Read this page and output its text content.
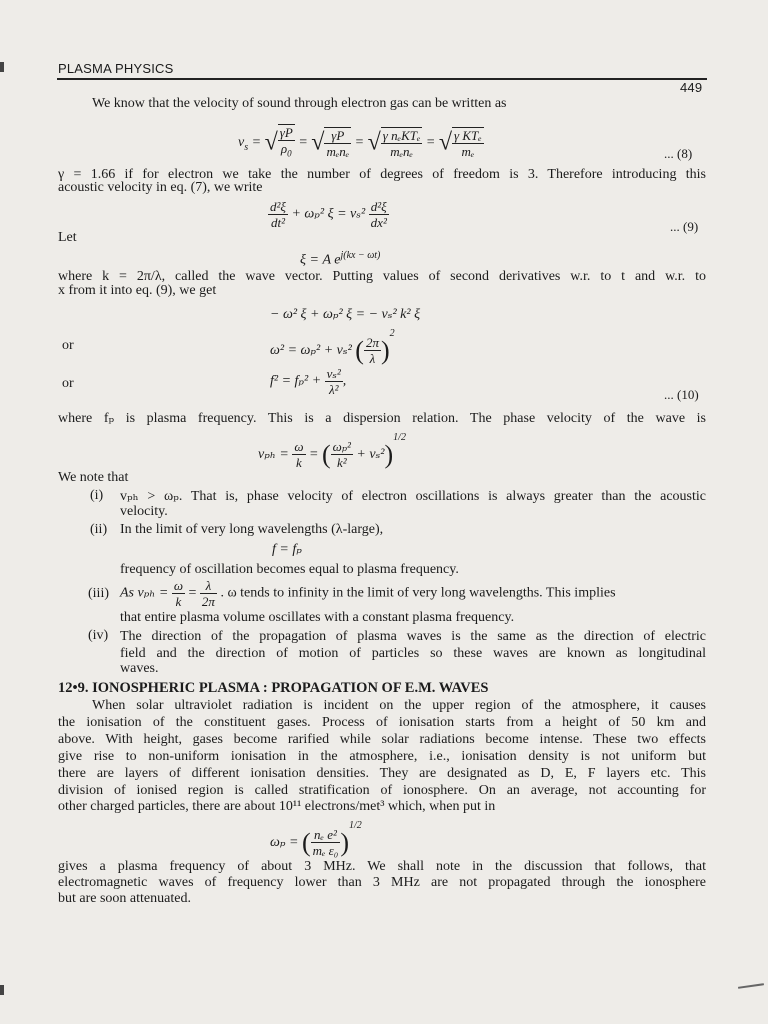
PLASMA PHYSICS
449
We know that the velocity of sound through electron gas can be written as
$v_s$ = √ $\frac{\gamma P}{\rho_0}$ = √ $\frac{\gamma P}{\text{mₑnₑ}}$ = √ $\frac{\text{γ nₑKTₑ}}{\text{mₑnₑ}}$ = √ $\frac{\text{γ KTₑ}}{\text{mₑ}}$	... (8)
γ = 1.66 if for electron we take the number of degrees of freedom is 3. Therefore introducing this
acoustic velocity in eq. (7), we write
$\frac{\text{d²ξ}}{\text{dt²}} + \omega_p^2$ $\xi = v_s^2 \frac{\text{d²ξ}}{\text{dx²}}$	... (9)
Let
ξ = A $e^{j(kx - \omega t)}$
where k = 2π/λ, called the wave vector. Putting values of second derivatives w.r. to t and w.r. to
x from it into eq. (9), we get
− ω² ξ + ωₚ² ξ = − vₛ² k² ξ
or	ω² = ωₚ² + vₛ² ( $\frac{2\pi}{\lambda} )^2$
or	$f^2 = f_p^2 + \frac{\text{vₛ²}}{\text{λ²}}$ ,
... (10)
where fₚ is plasma frequency. This is a dispersion relation. The phase velocity of the wave is
$v_{ph} = \frac{\omega}{k}$ = ( $\frac{\text{ωₚ²}}{\text{k²}} + v_s^2)^{1/2}$
We note that
(i) vₚₕ > ωₚ. That is, phase velocity of electron oscillations is always greater than the acoustic
velocity.
(ii) In the limit of very long wavelengths (λ-large),
f = fₚ
frequency of oscillation becomes equal to plasma frequency.
(iii) As $v_{ph} = \frac{\omega}{k} = \frac{\lambda}{2\pi}$ . ω tends to infinity in the limit of very long wavelengths. This implies
that entire plasma volume oscillates with a constant plasma frequency.
(iv) The direction of the propagation of plasma waves is the same as the direction of electric
field and the direction of motion of particles so these waves are known as longitudinal
waves.
12•9. IONOSPHERIC PLASMA : PROPAGATION OF E.M. WAVES
When solar ultraviolet radiation is incident on the upper region of the atmosphere, it causes
the ionisation of the constituent gases. Process of ionisation starts from a height of 50 km and
above. With height, gases become rarified while solar radiations become intense. These two effects
give rise to non-uniform ionisation in the atmosphere, i.e., ionisation density is not uniform but
there are layers of different ionisation densities. They are designated as D, E, F layers etc. This
division of ionised region is called stratification of ionosphere. On an average, not accounting for
other charged particles, there are about 10¹¹ electrons/met³ which, when put in
ωₚ = ( $\frac{\text{nₑ e²}}{\text{mₑ ε₀}} )^{1/2}$
gives a plasma frequency of about 3 MHz. We shall note in the discussion that follows, that
electromagnetic waves of frequency lower than 3 MHz are not propagated through the ionosphere
but are soon attenuated.
